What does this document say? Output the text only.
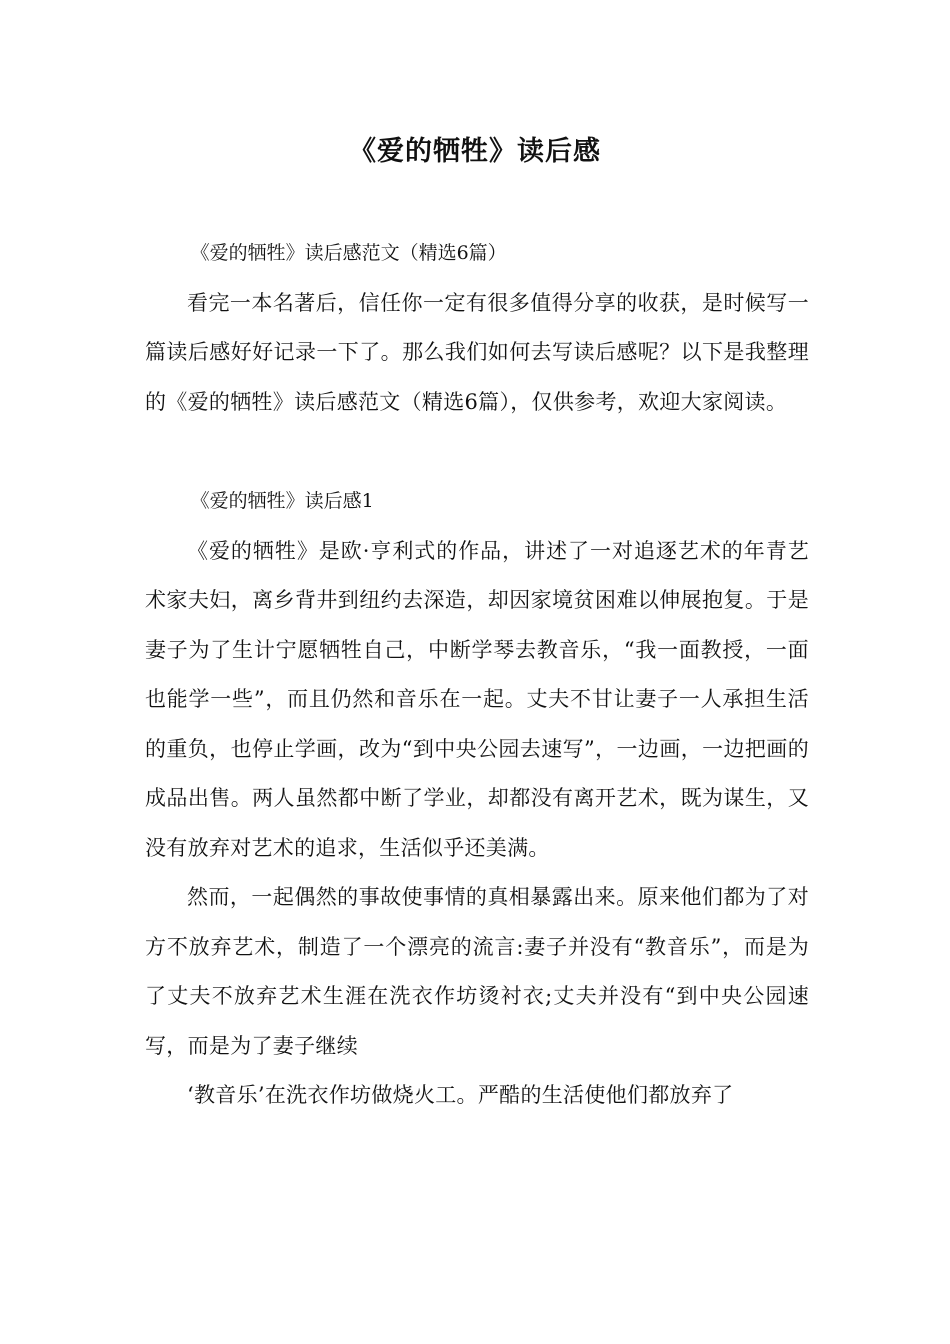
《爱的牺牲》读后感

《爱的牺牲》读后感范文（精选6篇）

看完一本名著后，信任你一定有很多值得分享的收获，是时候写一篇读后感好好记录一下了。那么我们如何去写读后感呢？以下是我整理的《爱的牺牲》读后感范文（精选6篇），仅供参考，欢迎大家阅读。

《爱的牺牲》读后感1

《爱的牺牲》是欧·亨利式的作品，讲述了一对追逐艺术的年青艺术家夫妇，离乡背井到纽约去深造，却因家境贫困难以伸展抱复。于是妻子为了生计宁愿牺牲自己，中断学琴去教音乐，“我一面教授，一面也能学一些”，而且仍然和音乐在一起。丈夫不甘让妻子一人承担生活的重负，也停止学画，改为“到中央公园去速写”，一边画，一边把画的成品出售。两人虽然都中断了学业，却都没有离开艺术，既为谋生，又没有放弃对艺术的追求，生活似乎还美满。

然而，一起偶然的事故使事情的真相暴露出来。原来他们都为了对方不放弃艺术，制造了一个漂亮的流言:妻子并没有“教音乐”，而是为了丈夫不放弃艺术生涯在洗衣作坊烫衬衣;丈夫并没有“到中央公园速写，而是为了妻子继续

‘教音乐’在洗衣作坊做烧火工。严酷的生活使他们都放弃了
